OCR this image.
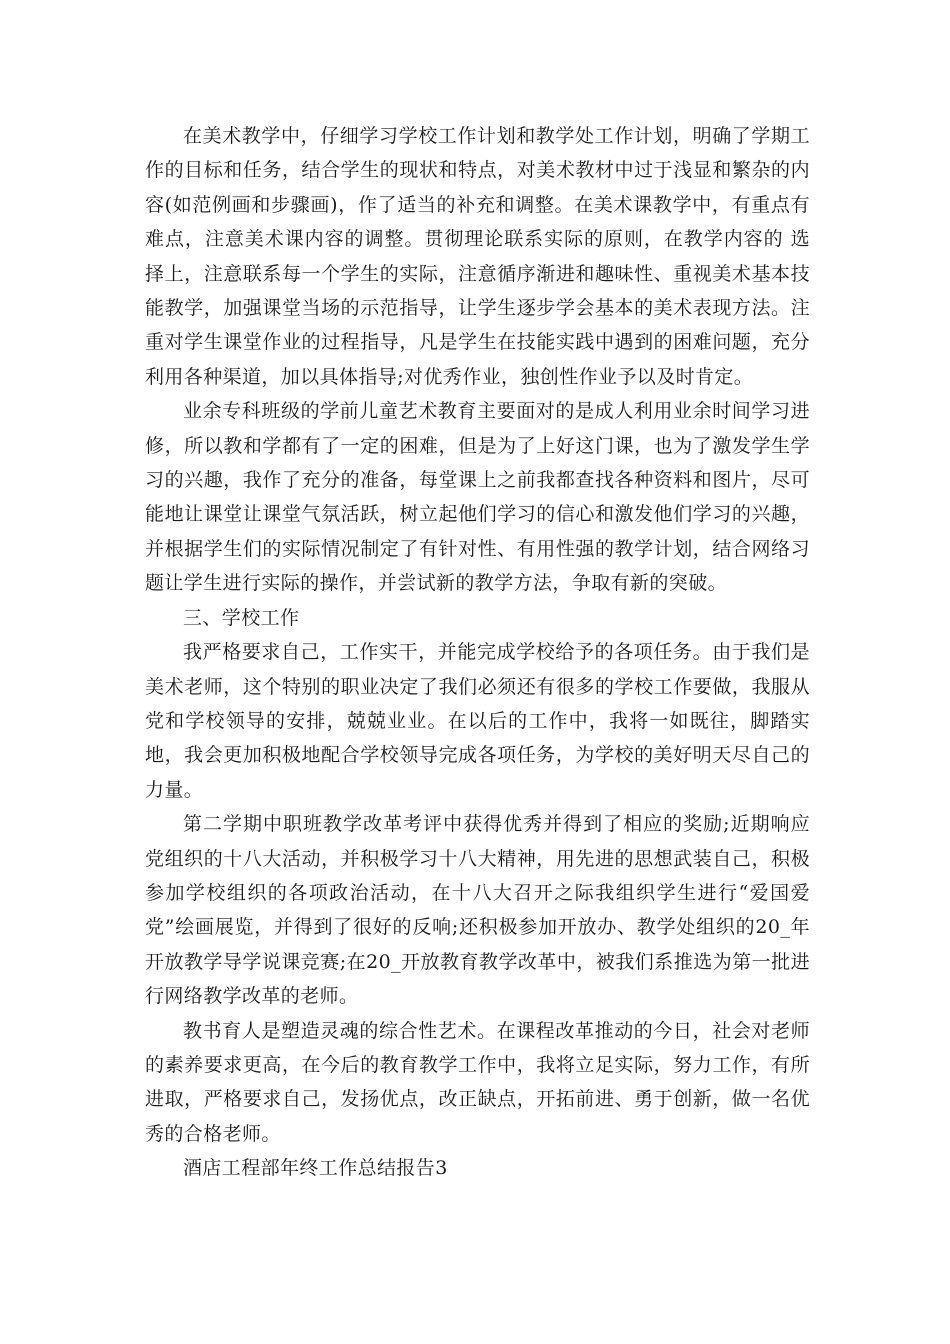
在美术教学中，仔细学习学校工作计划和教学处工作计划，明确了学期工作的目标和任务，结合学生的现状和特点，对美术教材中过于浅显和繁杂的内容(如范例画和步骤画)，作了适当的补充和调整。在美术课教学中，有重点有难点，注意美术课内容的调整。贯彻理论联系实际的原则，在教学内容的 选择上，注意联系每一个学生的实际，注意循序渐进和趣味性、重视美术基本技能教学，加强课堂当场的示范指导，让学生逐步学会基本的美术表现方法。注重对学生课堂作业的过程指导，凡是学生在技能实践中遇到的困难问题，充分利用各种渠道，加以具体指导;对优秀作业，独创性作业予以及时肯定。

业余专科班级的学前儿童艺术教育主要面对的是成人利用业余时间学习进修，所以教和学都有了一定的困难，但是为了上好这门课，也为了激发学生学习的兴趣，我作了充分的准备，每堂课上之前我都查找各种资料和图片，尽可能地让课堂让课堂气氛活跃，树立起他们学习的信心和激发他们学习的兴趣，并根据学生们的实际情况制定了有针对性、有用性强的教学计划，结合网络习题让学生进行实际的操作，并尝试新的教学方法，争取有新的突破。

三、学校工作

我严格要求自己，工作实干，并能完成学校给予的各项任务。由于我们是美术老师，这个特别的职业决定了我们必须还有很多的学校工作要做，我服从党和学校领导的安排，兢兢业业。在以后的工作中，我将一如既往，脚踏实地，我会更加积极地配合学校领导完成各项任务，为学校的美好明天尽自己的力量。

第二学期中职班教学改革考评中获得优秀并得到了相应的奖励;近期响应党组织的十八大活动，并积极学习十八大精神，用先进的思想武装自己，积极参加学校组织的各项政治活动，在十八大召开之际我组织学生进行“爱国爱党”绘画展览，并得到了很好的反响;还积极参加开放办、教学处组织的20_年开放教学导学说课竞赛;在20_开放教育教学改革中，被我们系推选为第一批进行网络教学改革的老师。

教书育人是塑造灵魂的综合性艺术。在课程改革推动的今日，社会对老师的素养要求更高，在今后的教育教学工作中，我将立足实际，努力工作，有所进取，严格要求自己，发扬优点，改正缺点，开拓前进、勇于创新，做一名优秀的合格老师。

酒店工程部年终工作总结报告3
